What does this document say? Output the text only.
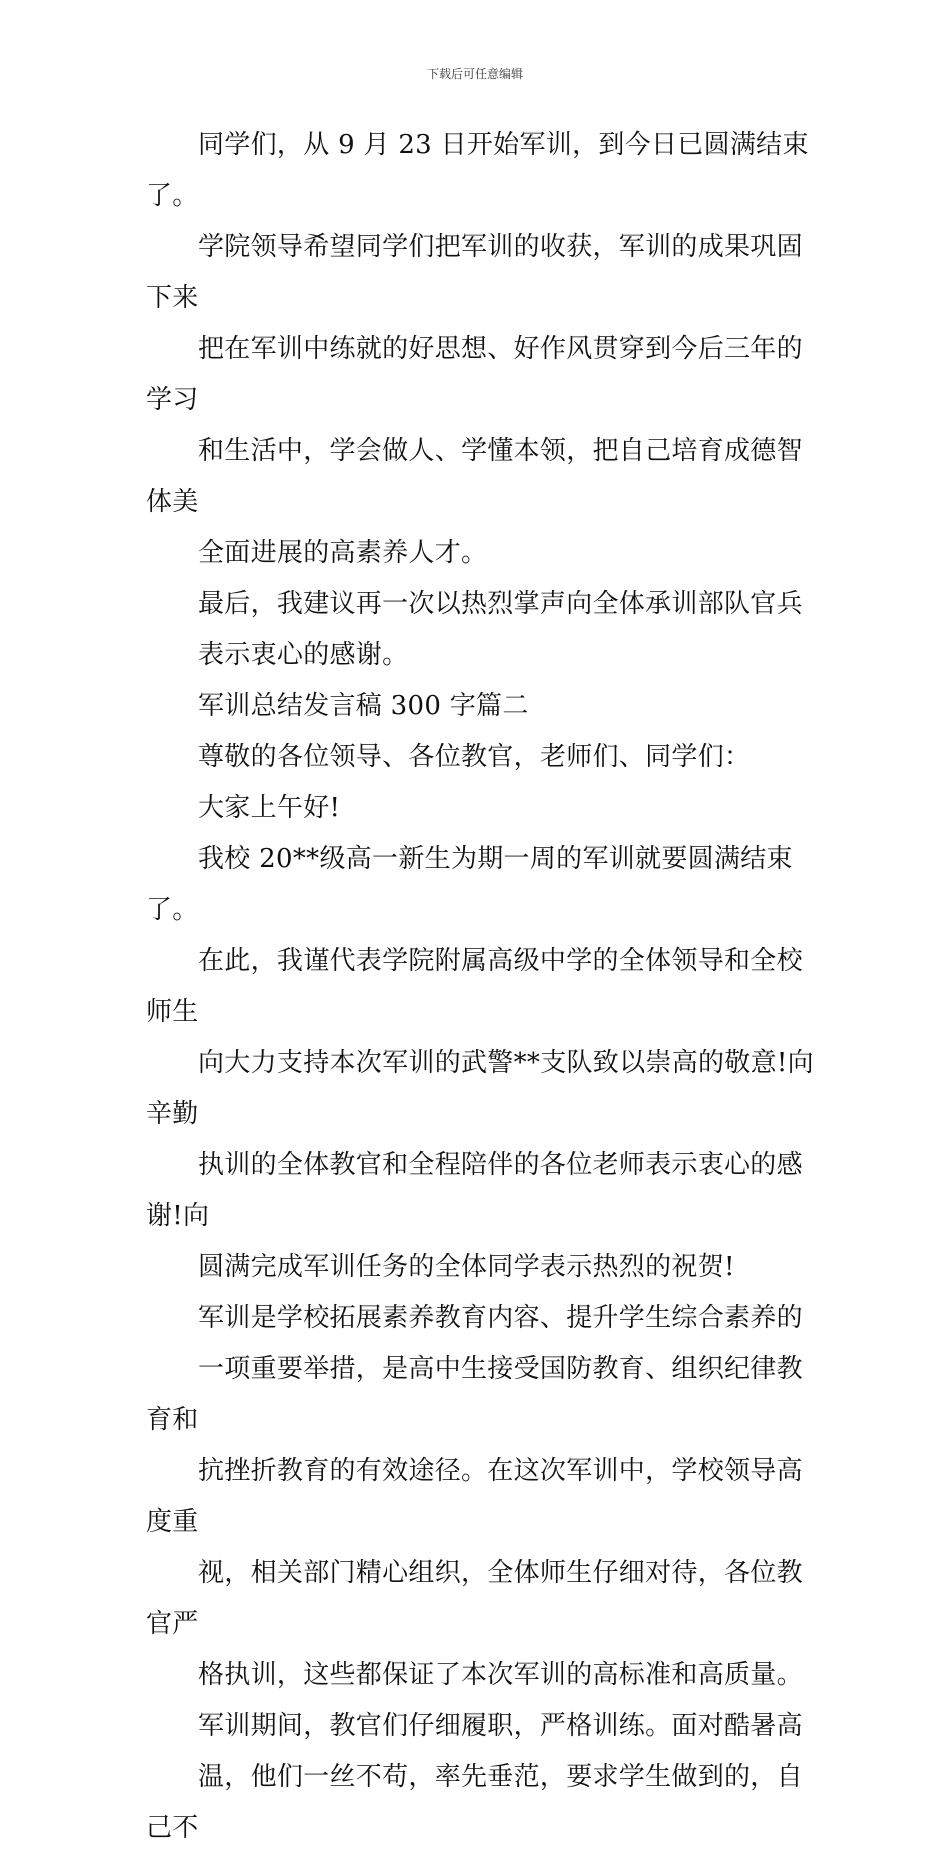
下载后可任意编辑

同学们，从 9 月 23 日开始军训，到今日已圆满结束了。
学院领导希望同学们把军训的收获，军训的成果巩固下来
把在军训中练就的好思想、好作风贯穿到今后三年的学习
和生活中，学会做人、学懂本领，把自己培育成德智体美
全面进展的高素养人才。

最后，我建议再一次以热烈掌声向全体承训部队官兵
表示衷心的感谢。

军训总结发言稿 300 字篇二

尊敬的各位领导、各位教官，老师们、同学们：

大家上午好!

我校 20**级高一新生为期一周的军训就要圆满结束了。
在此，我谨代表学院附属高级中学的全体领导和全校师生
向大力支持本次军训的武警**支队致以崇高的敬意!向辛勤
执训的全体教官和全程陪伴的各位老师表示衷心的感谢!向
圆满完成军训任务的全体同学表示热烈的祝贺!

军训是学校拓展素养教育内容、提升学生综合素养的
一项重要举措，是高中生接受国防教育、组织纪律教育和
抗挫折教育的有效途径。在这次军训中，学校领导高度重
视，相关部门精心组织，全体师生仔细对待，各位教官严
格执训，这些都保证了本次军训的高标准和高质量。

军训期间，教官们仔细履职，严格训练。面对酷暑高
温，他们一丝不苟，率先垂范，要求学生做到的，自己不
